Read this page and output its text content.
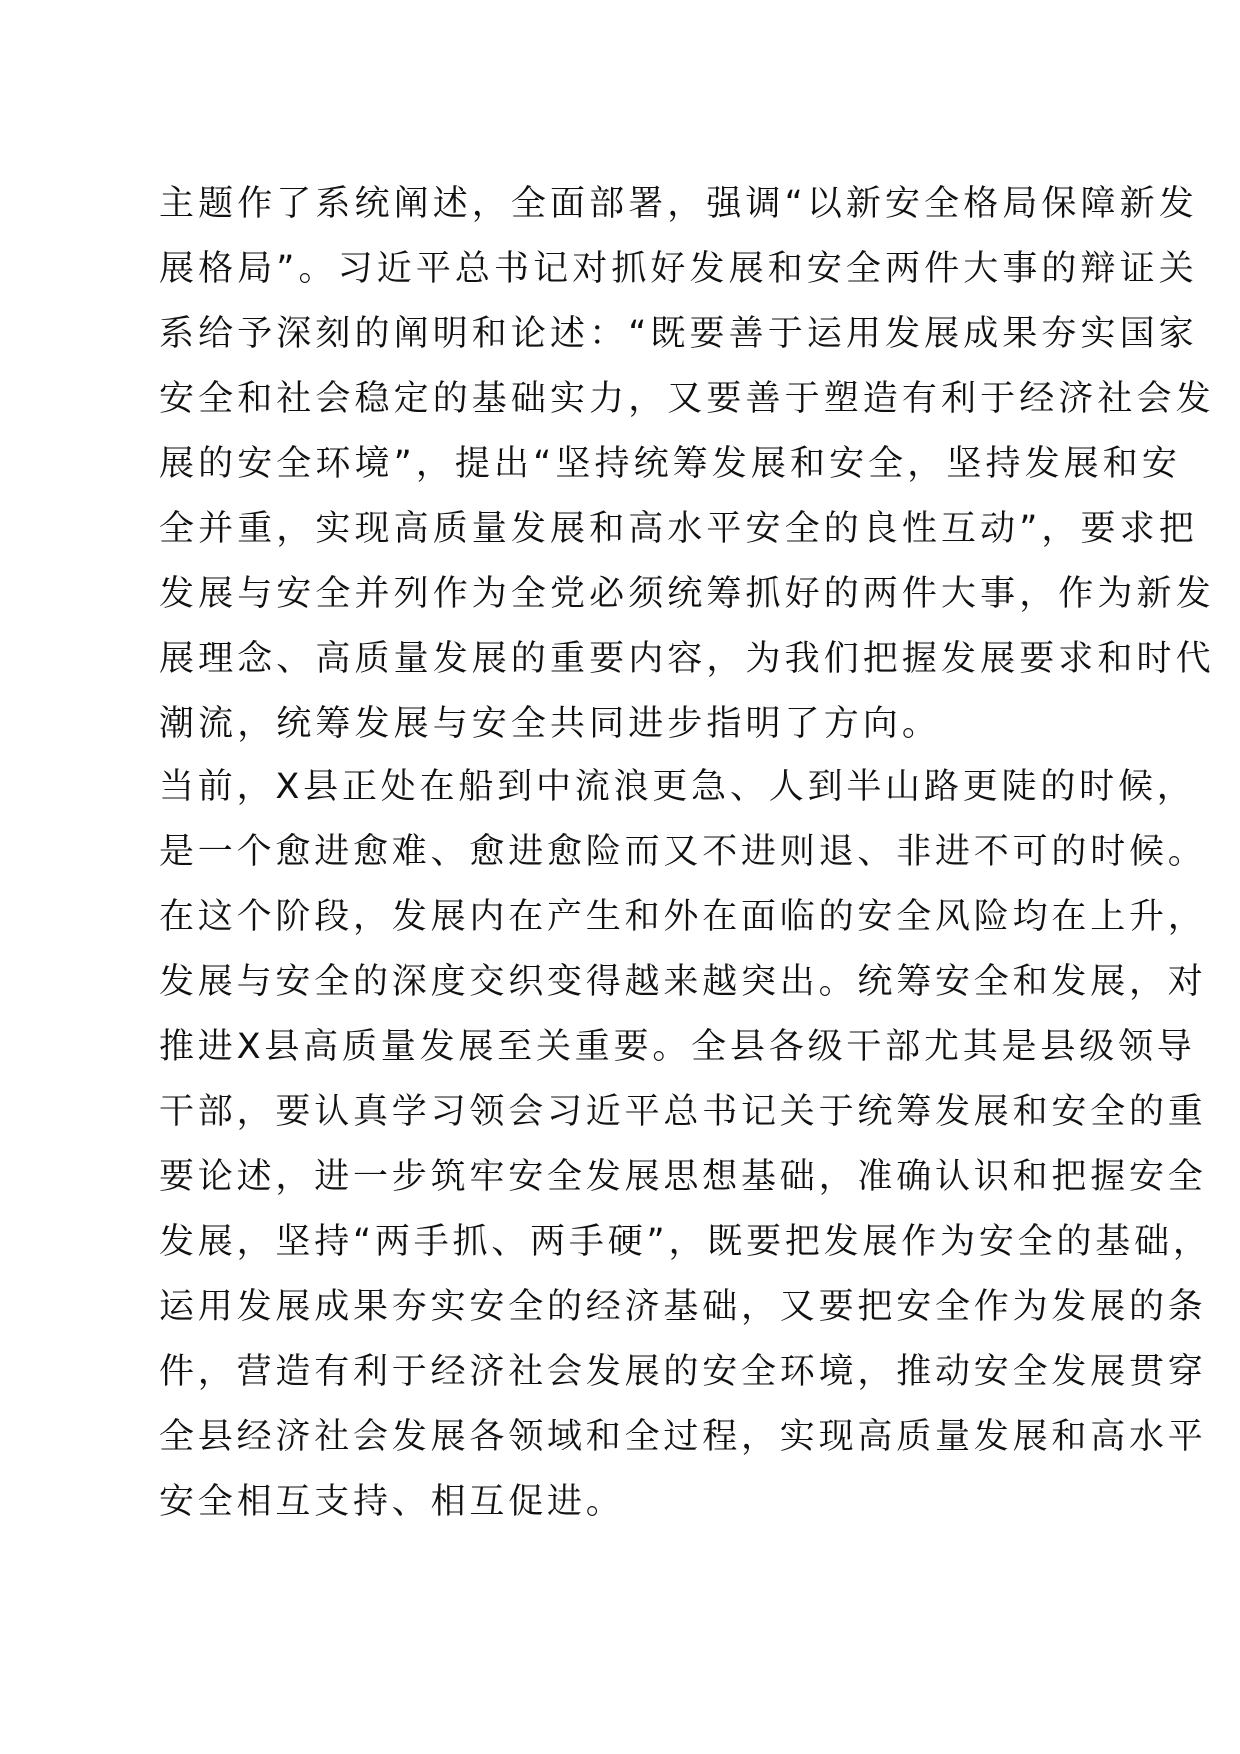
主题作了系统阐述，全面部署，强调“以新安全格局保障新发
展格局”。习近平总书记对抓好发展和安全两件大事的辩证关
系给予深刻的阐明和论述：“既要善于运用发展成果夯实国家
安全和社会稳定的基础实力，又要善于塑造有利于经济社会发
展的安全环境”，提出“坚持统筹发展和安全，坚持发展和安
全并重，实现高质量发展和高水平安全的良性互动”，要求把
发展与安全并列作为全党必须统筹抓好的两件大事，作为新发
展理念、高质量发展的重要内容，为我们把握发展要求和时代
潮流，统筹发展与安全共同进步指明了方向。
当前，X县正处在船到中流浪更急、人到半山路更陡的时候，
是一个愈进愈难、愈进愈险而又不进则退、非进不可的时候。
在这个阶段，发展内在产生和外在面临的安全风险均在上升，
发展与安全的深度交织变得越来越突出。统筹安全和发展，对
推进X县高质量发展至关重要。全县各级干部尤其是县级领导
干部，要认真学习领会习近平总书记关于统筹发展和安全的重
要论述，进一步筑牢安全发展思想基础，准确认识和把握安全
发展，坚持“两手抓、两手硬”，既要把发展作为安全的基础，
运用发展成果夯实安全的经济基础，又要把安全作为发展的条
件，营造有利于经济社会发展的安全环境，推动安全发展贯穿
全县经济社会发展各领域和全过程，实现高质量发展和高水平
安全相互支持、相互促进。
